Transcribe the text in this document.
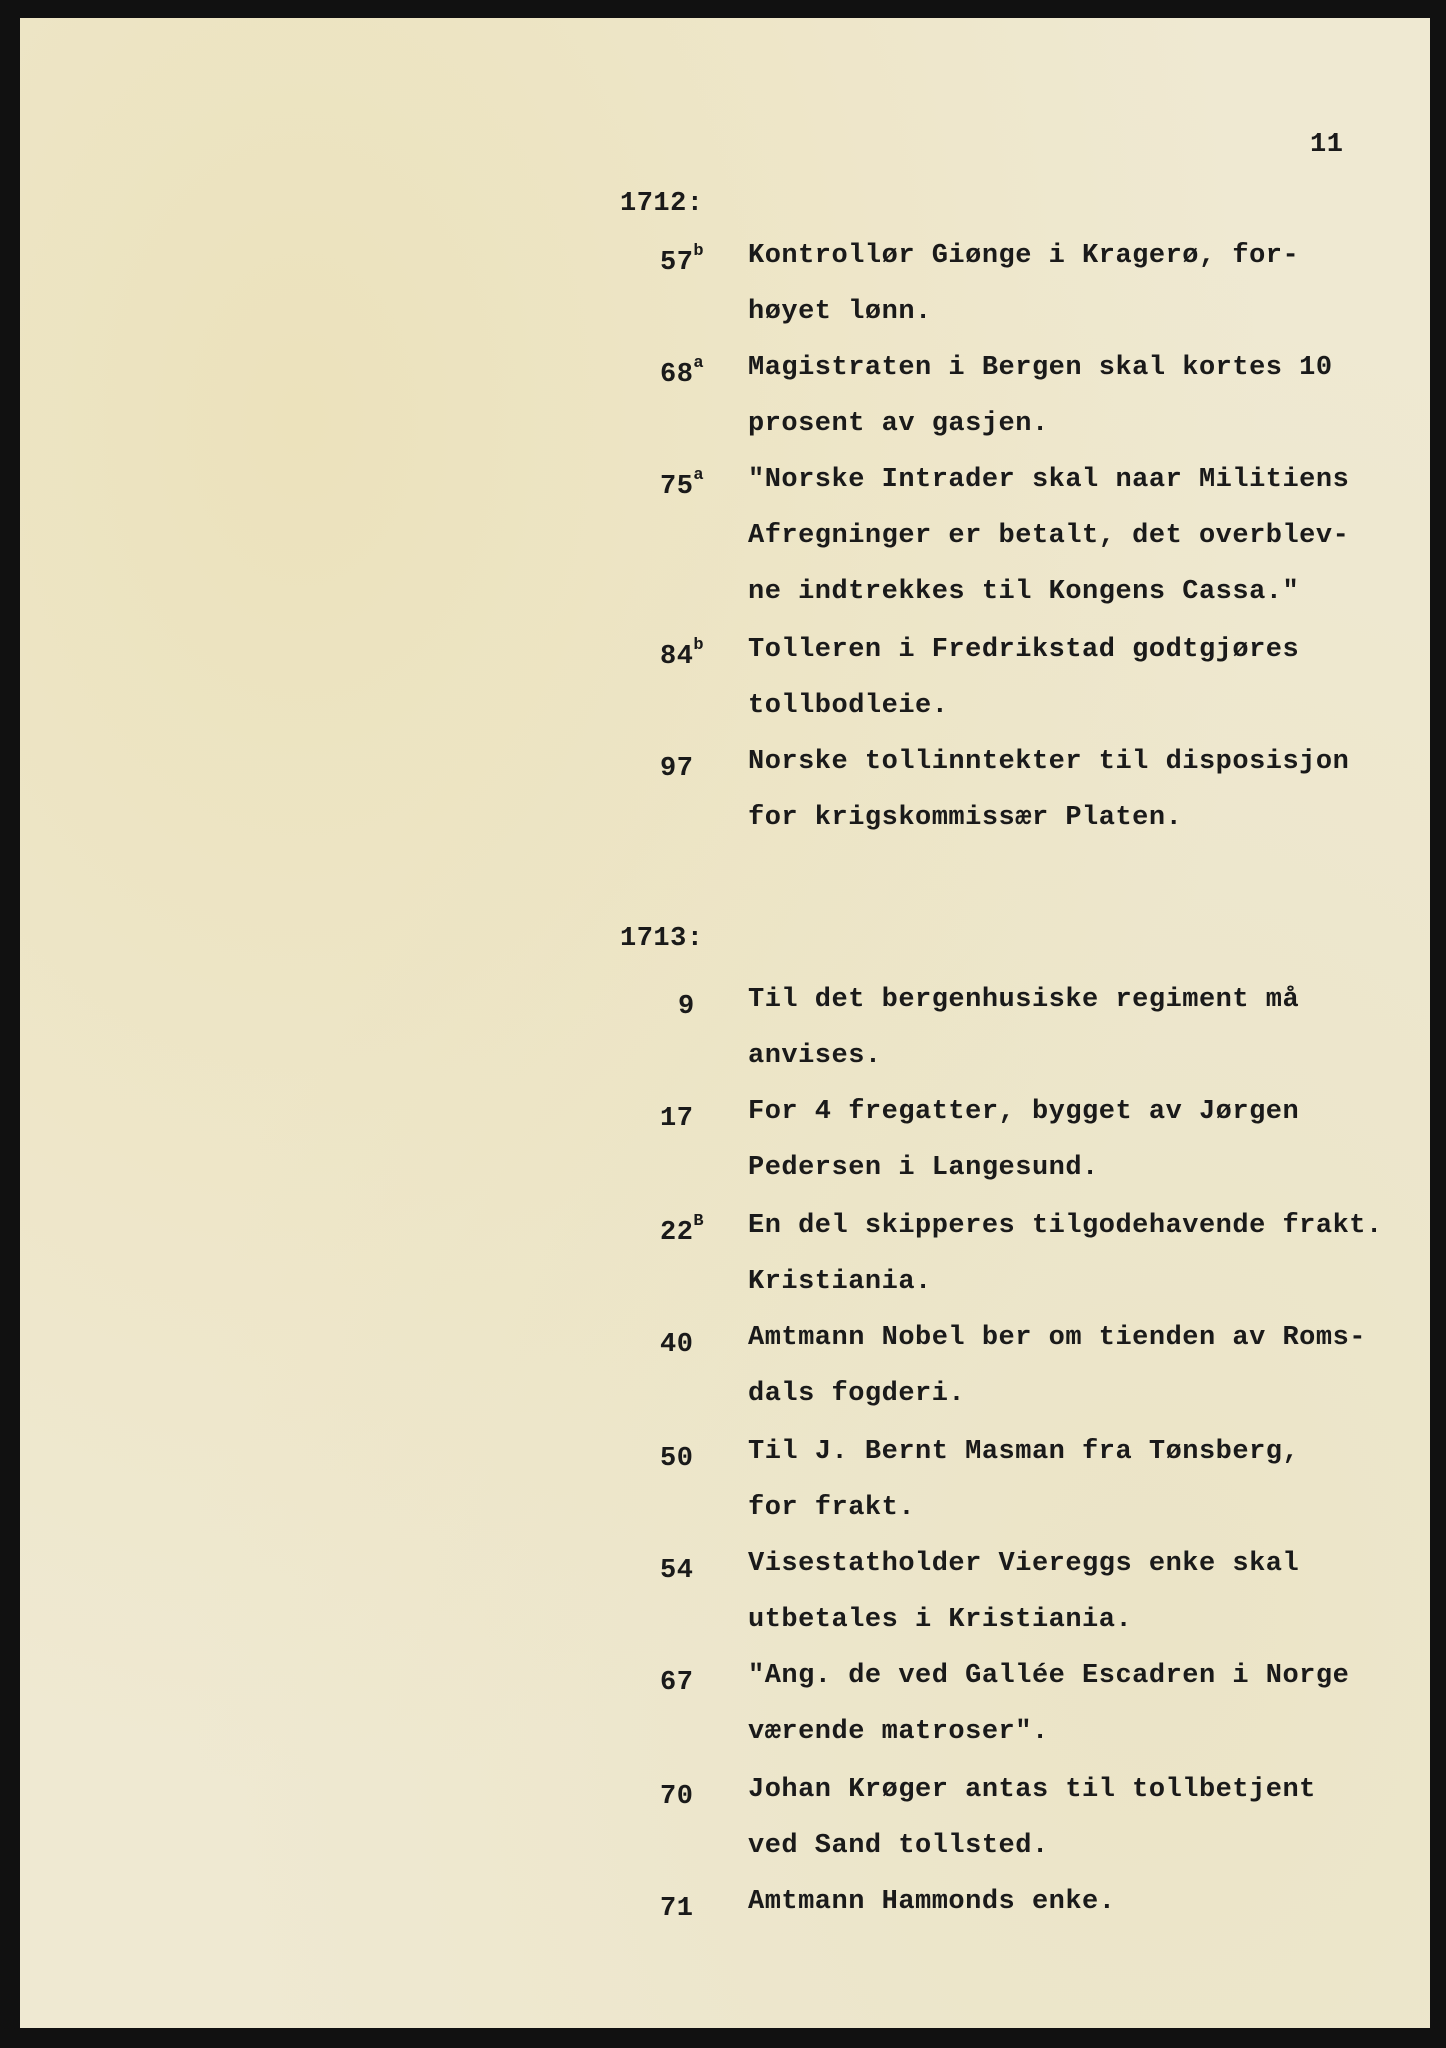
11
1712:
57$^b$ Kontrollør Giønge i Kragerø, for-
høyet lønn.
68$^a$ Magistraten i Bergen skal kortes 10
prosent av gasjen.
75$^a$ "Norske Intrader skal naar Militiens
Afregninger er betalt, det overblev-
ne indtrekkes til Kongens Cassa."
84$^b$ Tolleren i Fredrikstad godtgjøres
tollbodleie.
97 Norske tollinntekter til disposisjon
for krigskommissær Platen.
1713:
9 Til det bergenhusiske regiment må
anvises.
17 For 4 fregatter, bygget av Jørgen
Pedersen i Langesund.
$22^B$ En del skipperes tilgodehavende frakt.
Kristiania.
40 Amtmann Nobel ber om tienden av Roms-
dals fogderi.
50 Til J. Bernt Masman fra Tønsberg,
for frakt.
54 Visestatholder Viereggs enke skal
utbetales i Kristiania.
67 "Ang. de ved Gallée Escadren i Norge
værende matroser".
70 Johan Krøger antas til tollbetjent
ved Sand tollsted.
71 Amtmann Hammonds enke.
